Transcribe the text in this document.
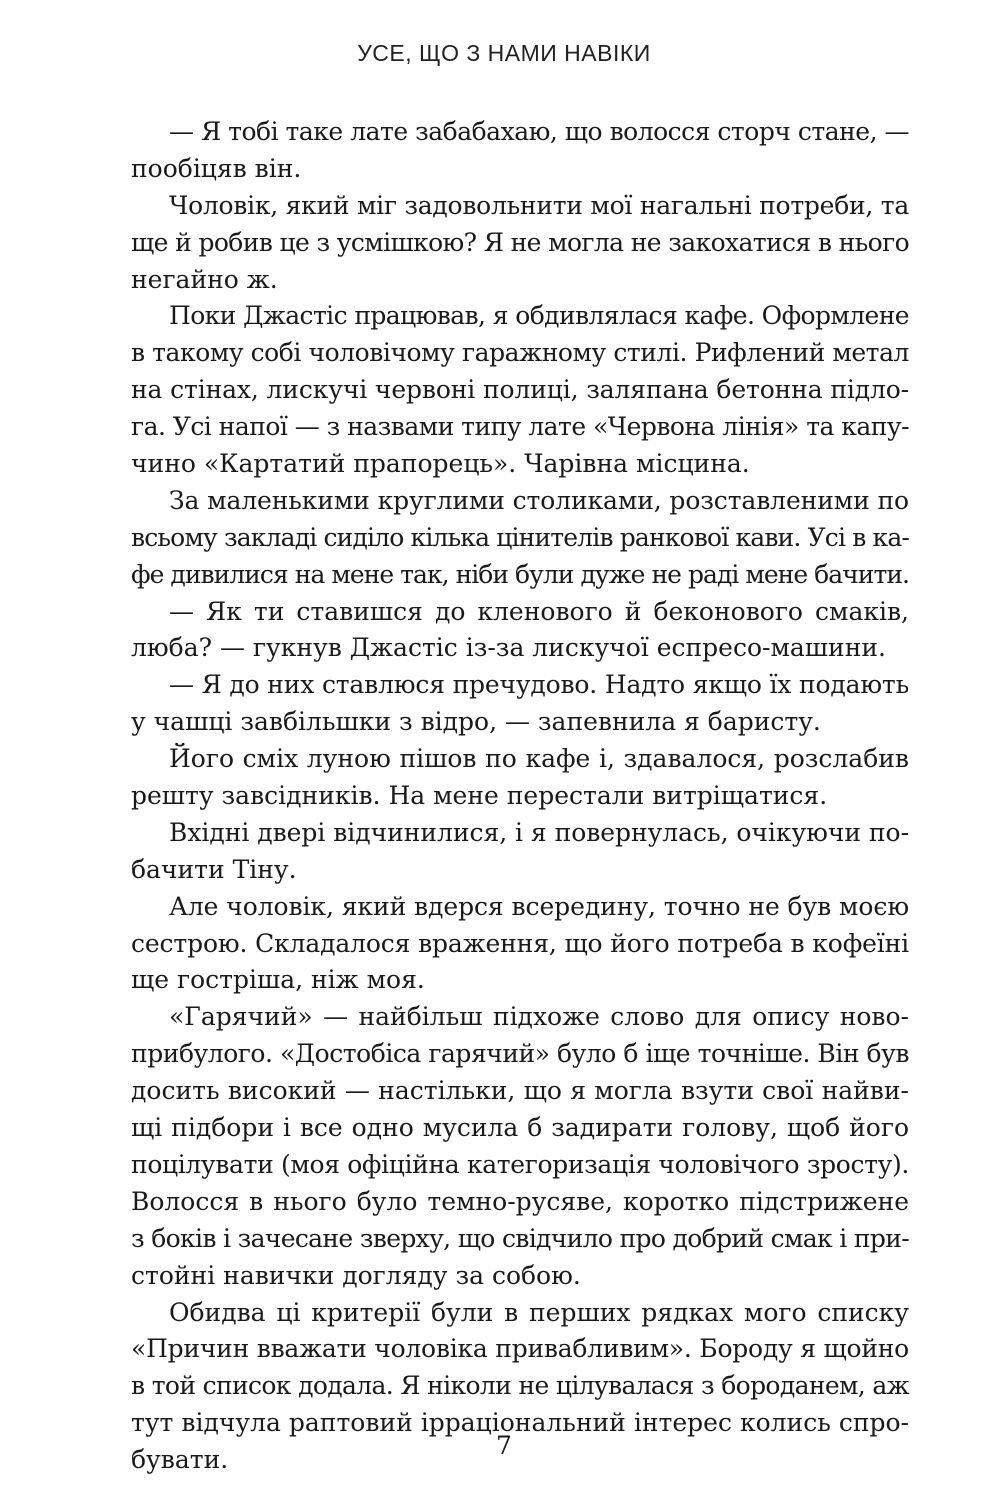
УСЕ, ЩО З НАМИ НАВІКИ
— Я тобі таке лате забабахаю, що волосся сторч стане, —
пообіцяв він.
Чоловік, який міг задовольнити мої нагальні потреби, та
ще й робив це з усмішкою? Я не могла не закохатися в нього
негайно ж.
Поки Джастіс працював, я обдивлялася кафе. Оформлене
в такому собі чоловічому гаражному стилі. Рифлений метал
на стінах, лискучі червоні полиці, заляпана бетонна підло-
га. Усі напої — з назвами типу лате «Червона лінія» та капу-
чино «Картатий прапорець». Чарівна місцина.
За маленькими круглими столиками, розставленими по
всьому закладі сиділо кілька цінителів ранкової кави. Усі в ка-
фе дивилися на мене так, ніби були дуже не раді мене бачити.
— Як ти ставишся до кленового й беконового смаків,
люба? — гукнув Джастіс із-за лискучої еспресо-машини.
— Я до них ставлюся пречудово. Надто якщо їх подають
у чашці завбільшки з відро, — запевнила я баристу.
Його сміх луною пішов по кафе і, здавалося, розслабив
решту завсідників. На мене перестали витріщатися.
Вхідні двері відчинилися, і я повернулась, очікуючи по-
бачити Тіну.
Але чоловік, який вдерся всередину, точно не був моєю
сестрою. Складалося враження, що його потреба в кофеїні
ще гостріша, ніж моя.
«Гарячий» — найбільш підхоже слово для опису ново-
прибулого. «Достобіса гарячий» було б іще точніше. Він був
досить високий — настільки, що я могла взути свої найви-
щі підбори і все одно мусила б задирати голову, щоб його
поцілувати (моя офіційна категоризація чоловічого зросту).
Волосся в нього було темно-русяве, коротко підстрижене
з боків і зачесане зверху, що свідчило про добрий смак і при-
стойні навички догляду за собою.
Обидва ці критерії були в перших рядках мого списку
«Причин вважати чоловіка привабливим». Бороду я щойно
в той список додала. Я ніколи не цілувалася з бороданем, аж
тут відчула раптовий ірраціональний інтерес колись спро-
бувати.	7
